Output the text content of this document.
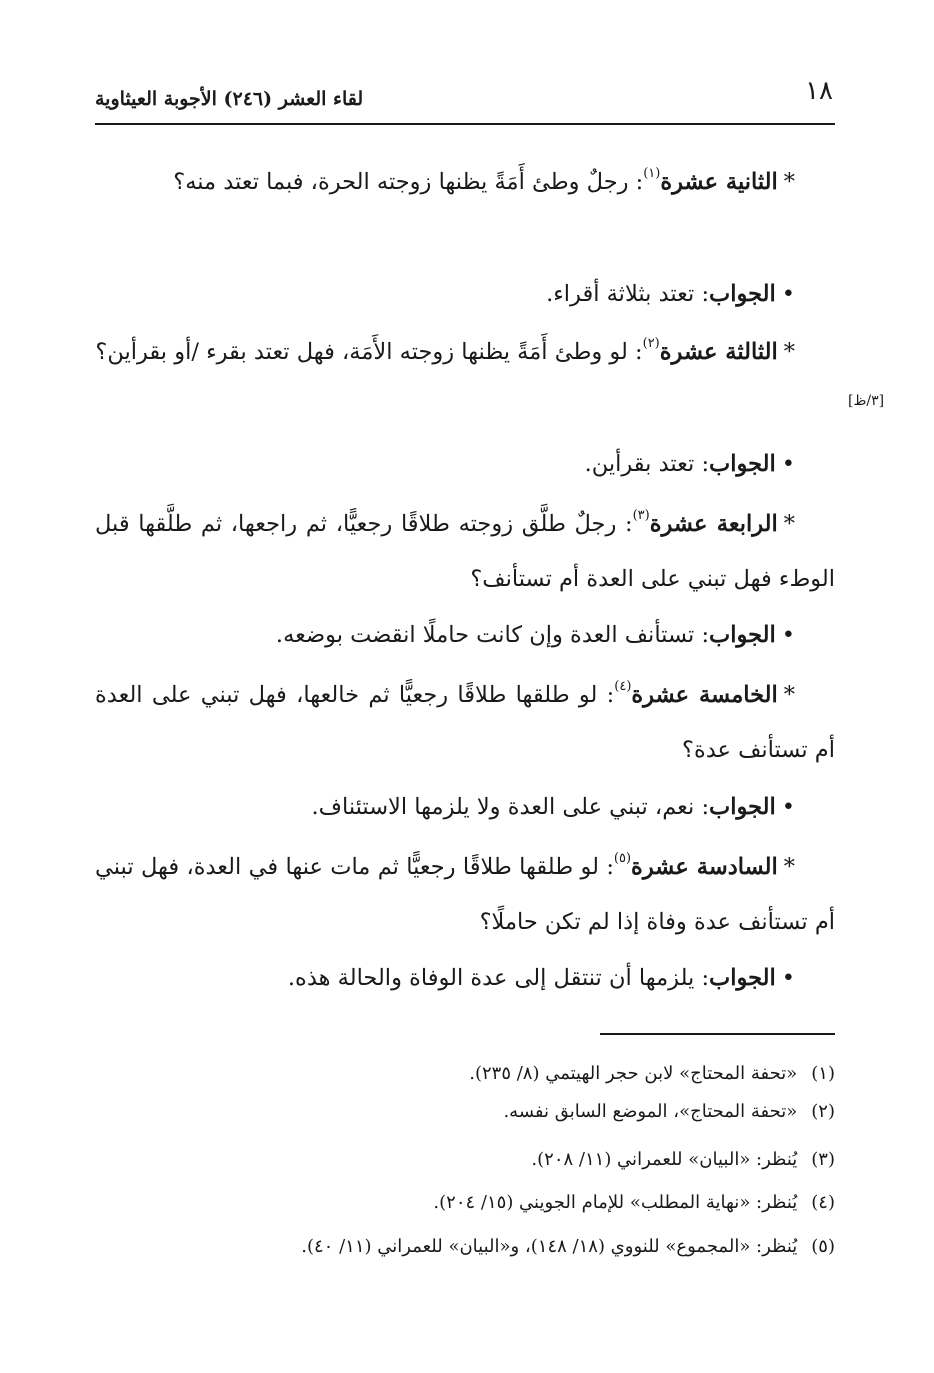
١٨
لقاء العشر (٢٤٦) الأجوبة العيثاوية
*الثانية عشرة$^{(١)}$: رجلٌ وطئ أَمَةً يظنها زوجته الحرة، فبما تعتد منه؟
•الجواب: تعتد بثلاثة أقراء.
*الثالثة عشرة$^{(٢)}$: لو وطئ أَمَةً يظنها زوجته الأَمَة، فهل تعتد بقرء /أو بقرأين؟
[٣/ظ]
•الجواب: تعتد بقرأين.
*الرابعة عشرة$^{(٣)}$: رجلٌ طلَّق زوجته طلاقًا رجعيًّا، ثم راجعها، ثم طلَّقها قبل الوطء فهل تبني على العدة أم تستأنف؟
•الجواب: تستأنف العدة وإن كانت حاملًا انقضت بوضعه.
*الخامسة عشرة$^{(٤)}$: لو طلقها طلاقًا رجعيًّا ثم خالعها، فهل تبني على العدة أم تستأنف عدة؟
•الجواب: نعم، تبني على العدة ولا يلزمها الاستئناف.
*السادسة عشرة$^{(٥)}$: لو طلقها طلاقًا رجعيًّا ثم مات عنها في العدة، فهل تبني أم تستأنف عدة وفاة إذا لم تكن حاملًا؟
•الجواب: يلزمها أن تنتقل إلى عدة الوفاة والحالة هذه.
(١)«تحفة المحتاج» لابن حجر الهيتمي (٨/ ٢٣٥).
(٢)«تحفة المحتاج»، الموضع السابق نفسه.
(٣)يُنظر: «البيان» للعمراني (١١/ ٢٠٨).
(٤)يُنظر: «نهاية المطلب» للإمام الجويني (١٥/ ٢٠٤).
(٥)يُنظر: «المجموع» للنووي (١٨/ ١٤٨)، و«البيان» للعمراني (١١/ ٤٠).
